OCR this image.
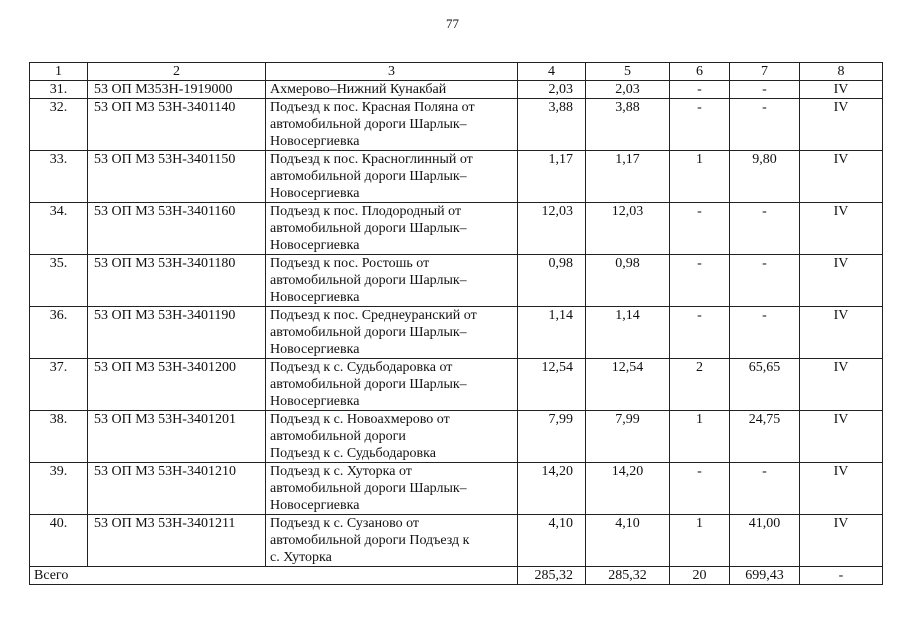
77
1	2	3	4	5	6	7	8
31.	53 ОП М353Н-1919000	Ахмерово–Нижний Кунакбай	2,03	2,03	-	-	IV
32.	53 ОП М3 53Н-3401140	Подъезд к пос. Красная Поляна от
автомобильной дороги Шарлык–
Новосергиевка	3,88	3,88	-	-	IV
33.	53 ОП М3 53Н-3401150	Подъезд к пос. Красноглинный от
автомобильной дороги Шарлык–
Новосергиевка	1,17	1,17	1	9,80	IV
34.	53 ОП М3 53Н-3401160	Подъезд к пос. Плодородный от
автомобильной дороги Шарлык–
Новосергиевка	12,03	12,03	-	-	IV
35.	53 ОП М3 53Н-3401180	Подъезд к пос. Ростошь от
автомобильной дороги Шарлык–
Новосергиевка	0,98	0,98	-	-	IV
36.	53 ОП М3 53Н-3401190	Подъезд к пос. Среднеуранский от
автомобильной дороги Шарлык–
Новосергиевка	1,14	1,14	-	-	IV
37.	53 ОП М3 53Н-3401200	Подъезд к с. Судьбодаровка от
автомобильной дороги Шарлык–
Новосергиевка	12,54	12,54	2	65,65	IV
38.	53 ОП М3 53Н-3401201	Подъезд к с. Новоахмерово от
автомобильной дороги
Подъезд к с. Судьбодаровка	7,99	7,99	1	24,75	IV
39.	53 ОП М3 53Н-3401210	Подъезд к с. Хуторка от
автомобильной дороги Шарлык–
Новосергиевка	14,20	14,20	-	-	IV
40.	53 ОП М3 53Н-3401211	Подъезд к с. Сузаново от
автомобильной дороги Подъезд к
с. Хуторка	4,10	4,10	1	41,00	IV
Всего			285,32	285,32	20	699,43	-
